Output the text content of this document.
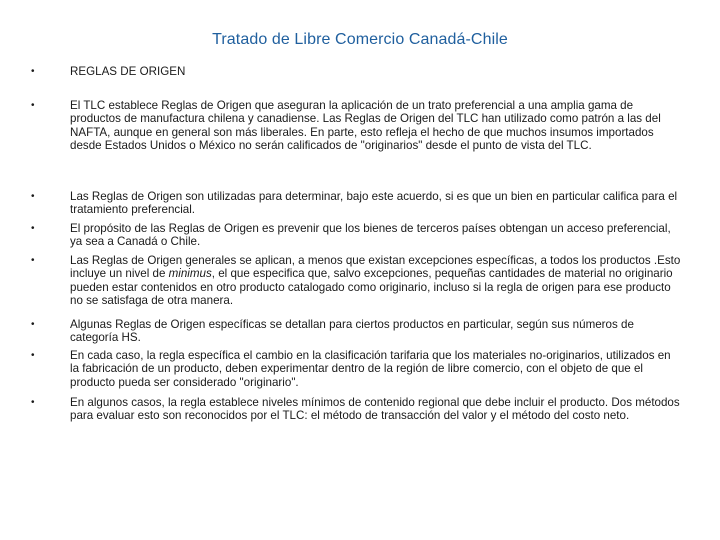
Tratado de Libre Comercio Canadá-Chile
•	REGLAS DE ORIGEN

•	El TLC establece Reglas de Origen que aseguran la aplicación de un trato preferencial a una amplia gama de productos de manufactura chilena y canadiense. Las Reglas de Origen del TLC han utilizado como patrón a las del NAFTA, aunque en general son más liberales. En parte, esto refleja el hecho de que muchos insumos importados desde Estados Unidos o México no serán calificados de "originarios" desde el punto de vista del TLC.

•	Las Reglas de Origen son utilizadas para determinar, bajo este acuerdo, si es que un bien en particular califica para el tratamiento preferencial.

•	El propósito de las Reglas de Origen es prevenir que los bienes de terceros países obtengan un acceso preferencial, ya sea a Canadá o Chile.

•	Las Reglas de Origen generales se aplican, a menos que existan excepciones específicas, a todos los productos .Esto incluye un nivel de minimus, el que especifica que, salvo excepciones, pequeñas cantidades de material no originario pueden estar contenidos en otro producto catalogado como originario, incluso si la regla de origen para ese producto no se satisfaga de otra manera.

•	Algunas Reglas de Origen específicas se detallan para ciertos productos en particular, según sus números de categoría HS.

•	En cada caso, la regla específica el cambio en la clasificación tarifaria que los materiales no-originarios, utilizados en la fabricación de un producto, deben experimentar dentro de la región de libre comercio, con el objeto de que el producto pueda ser considerado "originario".

•	En algunos casos, la regla establece niveles mínimos de contenido regional que debe incluir el producto. Dos métodos para evaluar esto son reconocidos por el TLC: el método de transacción del valor y el método del costo neto.
